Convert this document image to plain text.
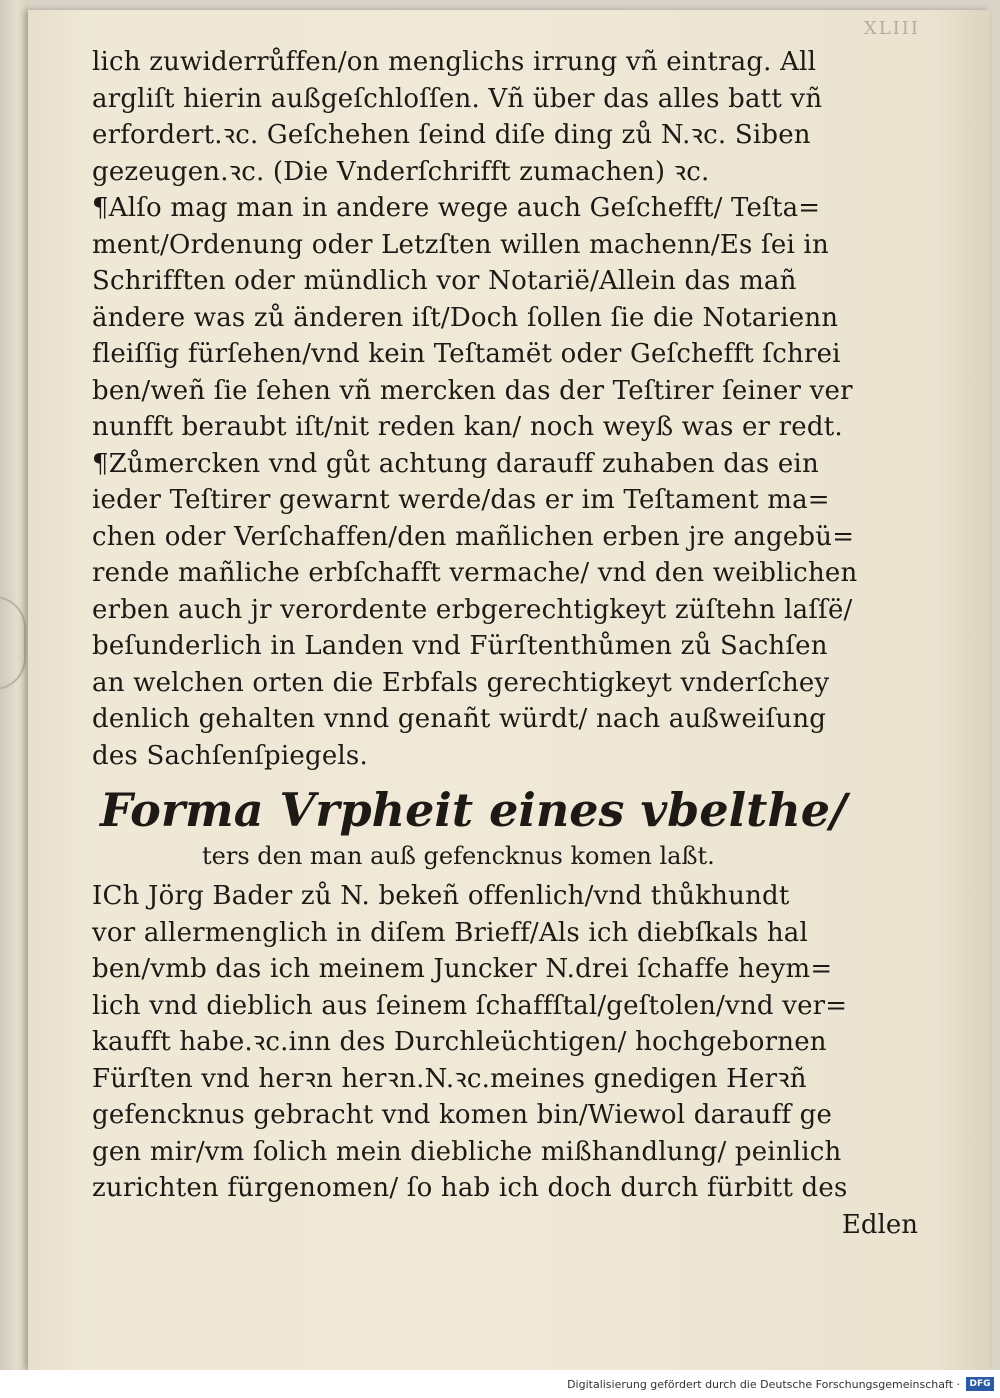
XLIII
lich zuwiderrůffen/on menglichs irrung vñ eintrag. All
argliſt hierin außgeſchloſſen. Vñ über das alles batt vñ
erfordert.ꝛc. Geſchehen ſeind diſe ding zů N.ꝛc. Siben
gezeugen.ꝛc. (Die Vnderſchrifft zumachen) ꝛc.
¶Alſo mag man in andere wege auch Geſchefft/ Teſta=
ment/Ordenung oder Letzſten willen machenn/Es ſei in
Schrifften oder mündlich vor Notarië/Allein das mañ
ändere was zů änderen iſt/Doch ſollen ſie die Notarienn
fleiſſig fürſehen/vnd kein Teſtamët oder Geſchefft ſchrei
ben/weñ ſie ſehen vñ mercken das der Teſtirer ſeiner ver
nunfft beraubt iſt/nit reden kan/ noch weyß was er redt.
¶Zůmercken vnd gůt achtung darauff zuhaben das ein
ieder Teſtirer gewarnt werde/das er im Teſtament ma=
chen oder Verſchaffen/den mañlichen erben jre angebü=
rende mañliche erbſchafft vermache/ vnd den weiblichen
erben auch jr verordente erbgerechtigkeyt züſtehn laſſë/
beſunderlich in Landen vnd Fürſtenthůmen zů Sachſen
an welchen orten die Erbfals gerechtigkeyt vnderſchey
denlich gehalten vnnd genañt würdt/ nach außweiſung
des Sachſenſpiegels.
Forma Vrpheit eines vbelthe/
ters den man auß gefencknus komen laßt.
ICh Jörg Bader zů N. bekeñ offenlich/vnd thůkhundt
vor allermenglich in diſem Brieff/Als ich diebſkals hal
ben/vmb das ich meinem Juncker N.drei ſchaffe heym=
lich vnd dieblich aus ſeinem ſchaffſtal/geſtolen/vnd ver=
kaufft habe.ꝛc.inn des Durchleüchtigen/ hochgebornen
Fürſten vnd herꝛn herꝛn.N.ꝛc.meines gnedigen Herꝛñ
gefencknus gebracht vnd komen bin/Wiewol darauff ge
gen mir/vm ſolich mein diebliche mißhandlung/ peinlich
zurichten fürgenomen/ ſo hab ich doch durch fürbitt des
Edlen
Digitalisierung gefördert durch die Deutsche Forschungsgemeinschaft ·	DFG
